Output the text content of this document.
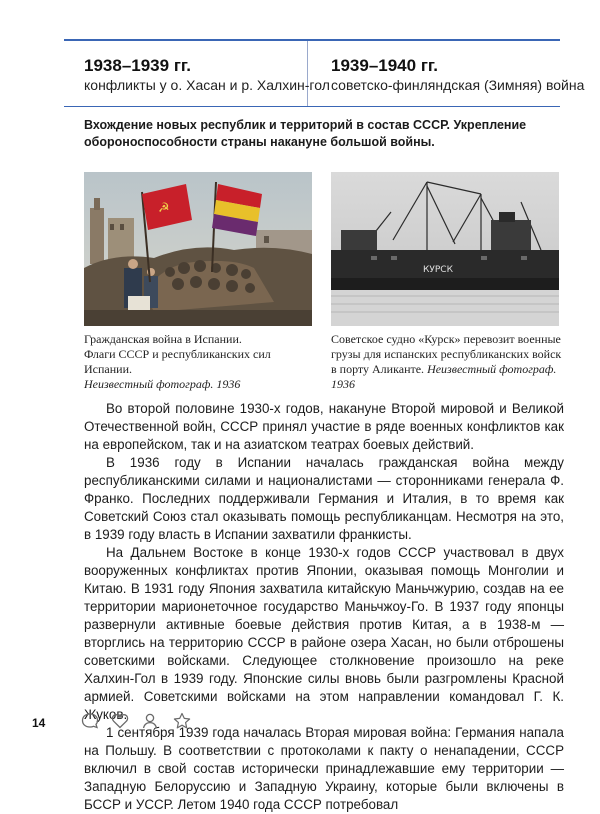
1938–1939 гг.
конфликты у о. Хасан и р. Халхин-гол
1939–1940 гг.
советско-финляндская (Зимняя) война
Вхождение новых республик и территорий в состав СССР. Укрепление обороноспособности страны накануне большой войны.
☭
КУРСК
Гражданская война в Испании.
Флаги СССР и республиканских сил Испании.
Неизвестный фотограф. 1936
Советское судно «Курск» перевозит военные
грузы для испанских республиканских войск
в порту Аликанте. Неизвестный фотограф. 1936

Во второй половине 1930-х годов, накануне Второй мировой и Великой Отечественной войн, СССР принял участие в ряде военных конфликтов как на европейском, так и на азиатском театрах боевых действий.

В 1936 году в Испании началась гражданская война между республиканскими силами и националистами — сторонниками генерала Ф. Франко. Последних поддерживали Германия и Италия, в то время как Советский Союз стал оказывать помощь республиканцам. Несмотря на это, в 1939 году власть в Испании захватили франкисты.

На Дальнем Востоке в конце 1930-х годов СССР участвовал в двух вооруженных конфликтах против Японии, оказывая помощь Монголии и Китаю. В 1931 году Япония захватила китайскую Маньчжурию, создав на ее территории марионеточное государство Маньчжоу-Го. В 1937 году японцы развернули активные боевые действия против Китая, а в 1938-м — вторглись на территорию СССР в районе озера Хасан, но были отброшены советскими войсками. Следующее столкновение произошло на реке Халхин-Гол в 1939 году. Японские силы вновь были разгромлены Красной армией. Советскими войсками на этом направлении командовал Г. К. Жуков.

1 сентября 1939 года началась Вторая мировая война: Германия напала на Польшу. В соответствии с протоколами к пакту о ненападении, СССР включил в свой состав исторически принадлежавшие ему территории — Западную Белоруссию и Западную Украину, которые были включены в БССР и УССР. Летом 1940 года СССР потребовал

14
